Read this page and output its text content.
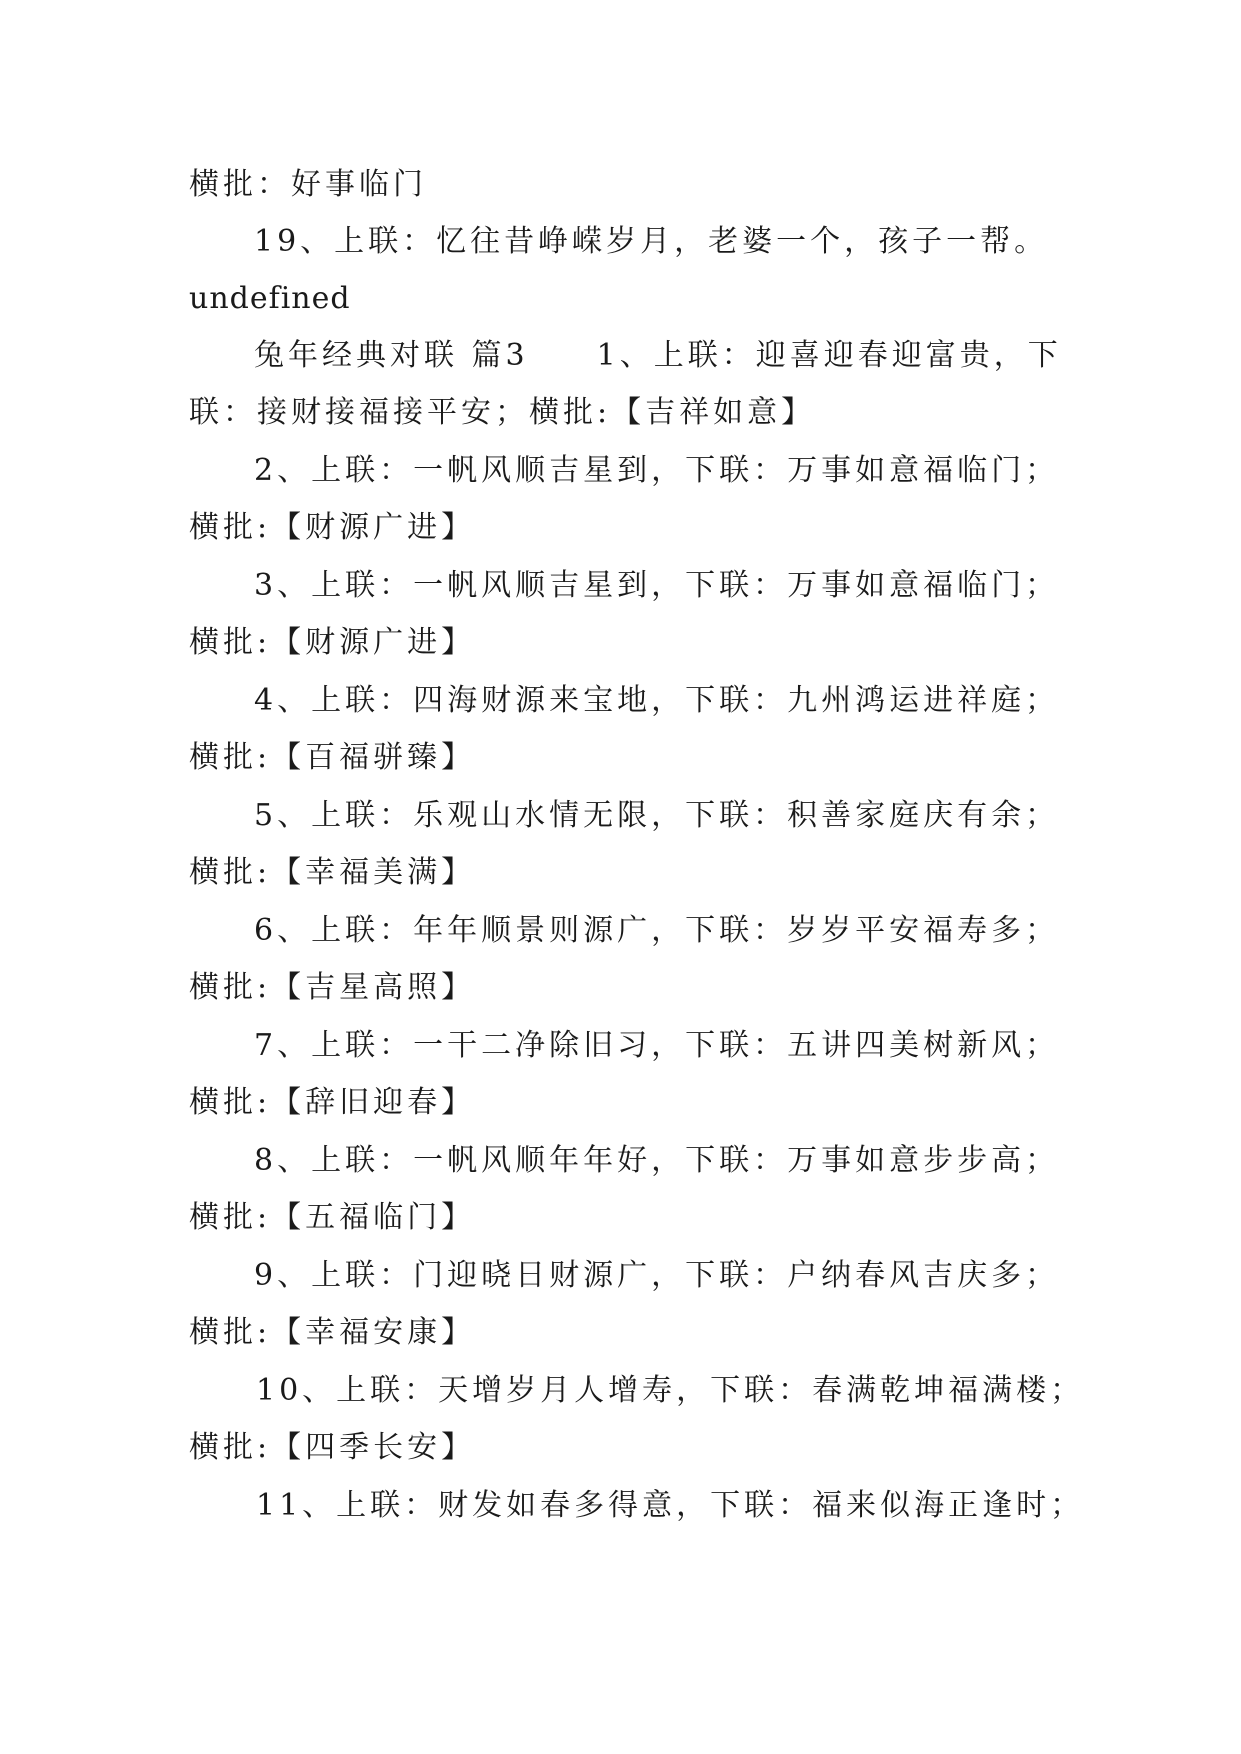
横批：好事临门
19、上联：忆往昔峥嵘岁月，老婆一个，孩子一帮。
undefined
兔年经典对联 篇3　　1、上联：迎喜迎春迎富贵，下
联：接财接福接平安；横批:【吉祥如意】
2、上联：一帆风顺吉星到，下联：万事如意福临门；
横批:【财源广进】
3、上联：一帆风顺吉星到，下联：万事如意福临门；
横批:【财源广进】
4、上联：四海财源来宝地，下联：九州鸿运进祥庭；
横批:【百福骈臻】
5、上联：乐观山水情无限，下联：积善家庭庆有余；
横批:【幸福美满】
6、上联：年年顺景则源广，下联：岁岁平安福寿多；
横批:【吉星高照】
7、上联：一干二净除旧习，下联：五讲四美树新风；
横批:【辞旧迎春】
8、上联：一帆风顺年年好，下联：万事如意步步高；
横批:【五福临门】
9、上联：门迎晓日财源广，下联：户纳春风吉庆多；
横批:【幸福安康】
10、上联：天增岁月人增寿，下联：春满乾坤福满楼；
横批:【四季长安】
11、上联：财发如春多得意，下联：福来似海正逢时；
